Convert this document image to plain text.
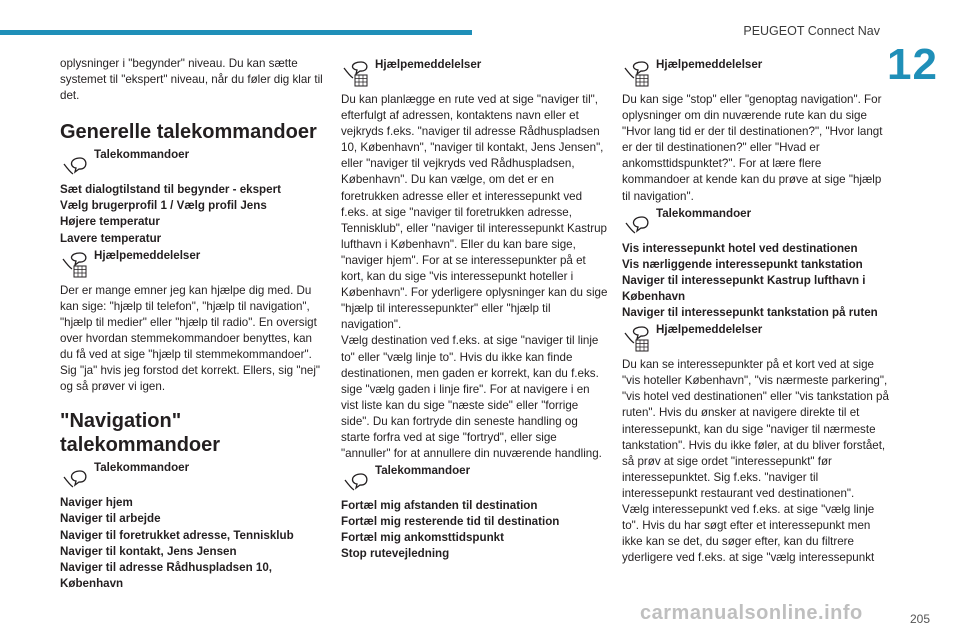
PEUGEOT Connect Nav
12

oplysninger i "begynder" niveau. Du kan sætte systemet til "ekspert" niveau, når du føler dig klar til det.

Generelle talekommandoer
Talekommandoer
Sæt dialogtilstand til begynder - ekspert
Vælg brugerprofil 1 / Vælg profil Jens
Højere temperatur
Lavere temperatur
Hjælpemeddelelser

Der er mange emner jeg kan hjælpe dig med. Du kan sige: "hjælp til telefon", "hjælp til navigation", "hjælp til medier" eller "hjælp til radio". En oversigt over hvordan stemmekommandoer benyttes, kan du få ved at sige "hjælp til stemmekommandoer".

Sig "ja" hvis jeg forstod det korrekt. Ellers, sig "nej" og så prøver vi igen.

"Navigation"
talekommandoer
Talekommandoer
Naviger hjem
Naviger til arbejde
Naviger til foretrukket adresse, Tennisklub
Naviger til kontakt, Jens Jensen
Naviger til adresse Rådhuspladsen 10, København
Hjælpemeddelelser

Du kan planlægge en rute ved at sige "naviger til", efterfulgt af adressen, kontaktens navn eller et vejkryds f.eks. "naviger til adresse Rådhuspladsen 10, København", "naviger til kontakt, Jens Jensen", eller "naviger til vejkryds ved Rådhuspladsen, København". Du kan vælge, om det er en foretrukken adresse eller et interessepunkt ved f.eks. at sige "naviger til foretrukken adresse, Tennisklub", eller "naviger til interessepunkt Kastrup lufthavn i København". Eller du kan bare sige, "naviger hjem". For at se interessepunkter på et kort, kan du sige "vis interessepunkt hoteller i København". For yderligere oplysninger kan du sige "hjælp til interessepunkter" eller "hjælp til navigation".

Vælg destination ved f.eks. at sige "naviger til linje to" eller "vælg linje to". Hvis du ikke kan finde destinationen, men gaden er korrekt, kan du f.eks. sige "vælg gaden i linje fire". For at navigere i en vist liste kan du sige "næste side" eller "forrige side". Du kan fortryde din seneste handling og starte forfra ved at sige "fortryd", eller sige "annuller" for at annullere din nuværende handling.

Talekommandoer
Fortæl mig afstanden til destination
Fortæl mig resterende tid til destination
Fortæl mig ankomsttidspunkt
Stop rutevejledning
Hjælpemeddelelser

Du kan sige "stop" eller "genoptag navigation". For oplysninger om din nuværende rute kan du sige "Hvor lang tid er der til destinationen?", "Hvor langt er der til destinationen?" eller "Hvad er ankomsttidspunktet?". For at lære flere kommandoer at kende kan du prøve at sige "hjælp til navigation".

Talekommandoer
Vis interessepunkt hotel ved destinationen
Vis nærliggende interessepunkt tankstation
Naviger til interessepunkt Kastrup lufthavn i København
Naviger til interessepunkt tankstation på ruten
Hjælpemeddelelser

Du kan se interessepunkter på et kort ved at sige "vis hoteller København", "vis nærmeste parkering", "vis hotel ved destinationen" eller "vis tankstation på ruten". Hvis du ønsker at navigere direkte til et interessepunkt, kan du sige "naviger til nærmeste tankstation". Hvis du ikke føler, at du bliver forstået, så prøv at sige ordet "interessepunkt" før interessepunktet. Sig f.eks. "naviger til interessepunkt restaurant ved destinationen".

Vælg interessepunkt ved f.eks. at sige "vælg linje to". Hvis du har søgt efter et interessepunkt men ikke kan se det, du søger efter, kan du filtrere yderligere ved f.eks. at sige "vælg interessepunkt

carmanualsonline.info	205
